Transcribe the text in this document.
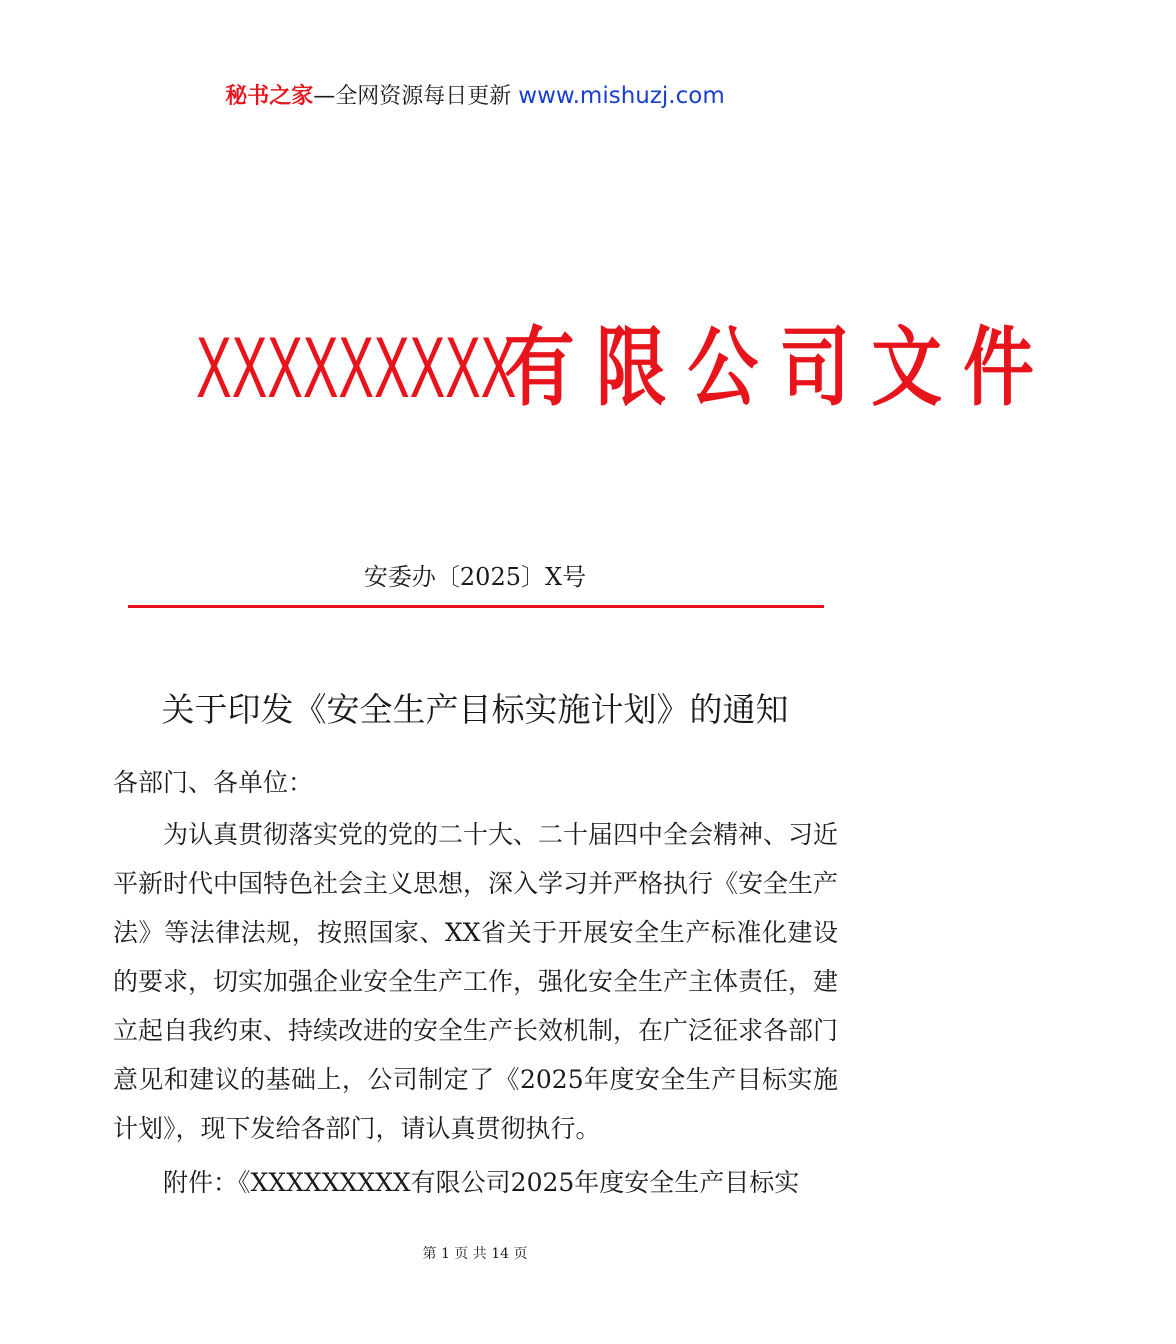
秘书之家—全网资源每日更新 www.mishuzj.com
XXXXXXXXX有限公司文件
安委办〔2025〕X号
关于印发《安全生产目标实施计划》的通知
各部门、各单位：

为认真贯彻落实党的党的二十大、二十届四中全会精神、习近平新时代中国特色社会主义思想，深入学习并严格执行《安全生产法》等法律法规，按照国家、XX省关于开展安全生产标准化建设的要求，切实加强企业安全生产工作，强化安全生产主体责任，建立起自我约束、持续改进的安全生产长效机制，在广泛征求各部门意见和建议的基础上，公司制定了《2025年度安全生产目标实施计划》，现下发给各部门，请认真贯彻执行。

附件：《XXXXXXXXX有限公司2025年度安全生产目标实
第 1 页 共 14 页
